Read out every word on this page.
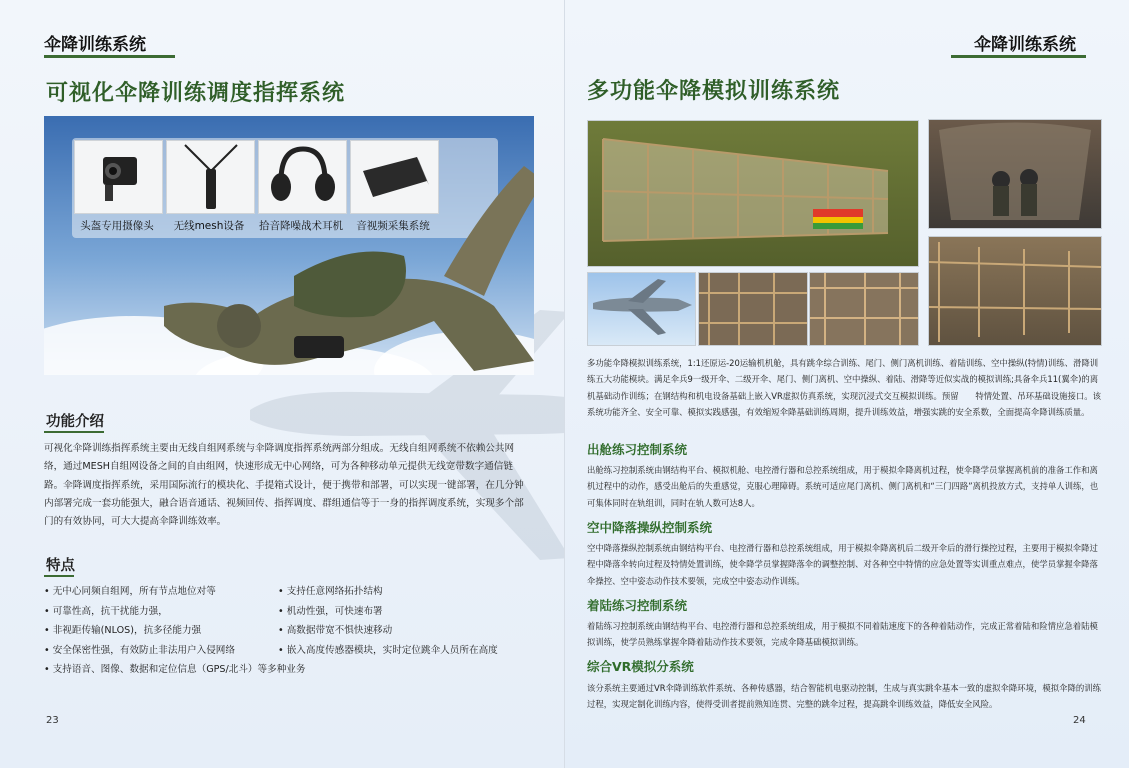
伞降训练系统
可视化伞降训练调度指挥系统
头盔专用摄像头	无线mesh设备	拾音降噪战术耳机	音视频采集系统
功能介绍
可视化伞降训练指挥系统主要由无线自组网系统与伞降调度指挥系统两部分组成。无线自组网系统不依赖公共网络，通过MESH自组网设备之间的自由组网，快速形成无中心网络，可为各种移动单元提供无线宽带数字通信链路。伞降调度指挥系统，采用国际流行的模块化、手提箱式设计，便于携带和部署，可以实现一键部署，在几分钟内部署完成一套功能强大，融合语音通话、视频回传、指挥调度、群组通信等于一身的指挥调度系统，实现多个部门的有效协同，可大大提高伞降训练效率。
特点
• 无中心同频自组网，所有节点地位对等
• 可靠性高，抗干扰能力强，
• 非视距传输(NLOS)，抗多径能力强
• 安全保密性强，有效防止非法用户入侵网络
• 支持语音、图像、数据和定位信息（GPS/北斗）等多种业务
• 支持任意网络拓扑结构
• 机动性强，可快速布署
• 高数据带宽不惧快速移动
• 嵌入高度传感器模块，实时定位跳伞人员所在高度
23
伞降训练系统
多功能伞降模拟训练系统
多功能伞降模拟训练系统，1:1还原运-20运输机机舱，具有跳伞综合训练、尾门、侧门离机训练、着陆训练、空中操纵(特情)训练、滑降训练五大功能模块。满足伞兵9一级开伞、二级开伞、尾门、侧门离机、空中操纵、着陆、滑降等近似实战的模拟训练;具备伞兵11(翼伞)的离机基础动作训练；在钢结构和机电设备基础上嵌入VR虚拟仿真系统，实现沉浸式交互模拟训练。预留　　特情处置、吊环基础设施接口。该系统功能齐全、安全可靠、模拟实践感强，有效缩短伞降基础训练周期，提升训练效益，增强实跳的安全系数，全面提高伞降训练质量。
出舱练习控制系统
出舱练习控制系统由钢结构平台、模拟机舱、电控滑行器和总控系统组成，用于模拟伞降离机过程，使伞降学员掌握离机前的准备工作和离机过程中的动作，感受出舱后的失重感觉，克服心理障碍。系统可适应尾门离机、侧门离机和“三门四路”离机投放方式，支持单人训练，也可集体同时在轨组训，同时在轨人数可达8人。
空中降落操纵控制系统
空中降落操纵控制系统由钢结构平台、电控滑行器和总控系统组成，用于模拟伞降离机后二级开伞后的滑行操控过程，主要用于模拟伞降过程中降落伞转向过程及特情处置训练，使伞降学员掌握降落伞的调整控制、对各种空中特情的应急处置等实训重点难点，使学员掌握伞降落伞操控、空中姿态动作技术要领，完成空中姿态动作训练。
着陆练习控制系统
着陆练习控制系统由钢结构平台、电控滑行器和总控系统组成，用于模拟不同着陆速度下的各种着陆动作，完成正常着陆和险情应急着陆模拟训练，使学员熟练掌握伞降着陆动作技术要领，完成伞降基础模拟训练。
综合VR模拟分系统
该分系统主要通过VR伞降训练软件系统、各种传感器，结合智能机电驱动控制，生成与真实跳伞基本一致的虚拟伞降环境，模拟伞降的训练过程，实现定制化训练内容，使得受训者提前熟知连贯、完整的跳伞过程，提高跳伞训练效益，降低安全风险。
24
